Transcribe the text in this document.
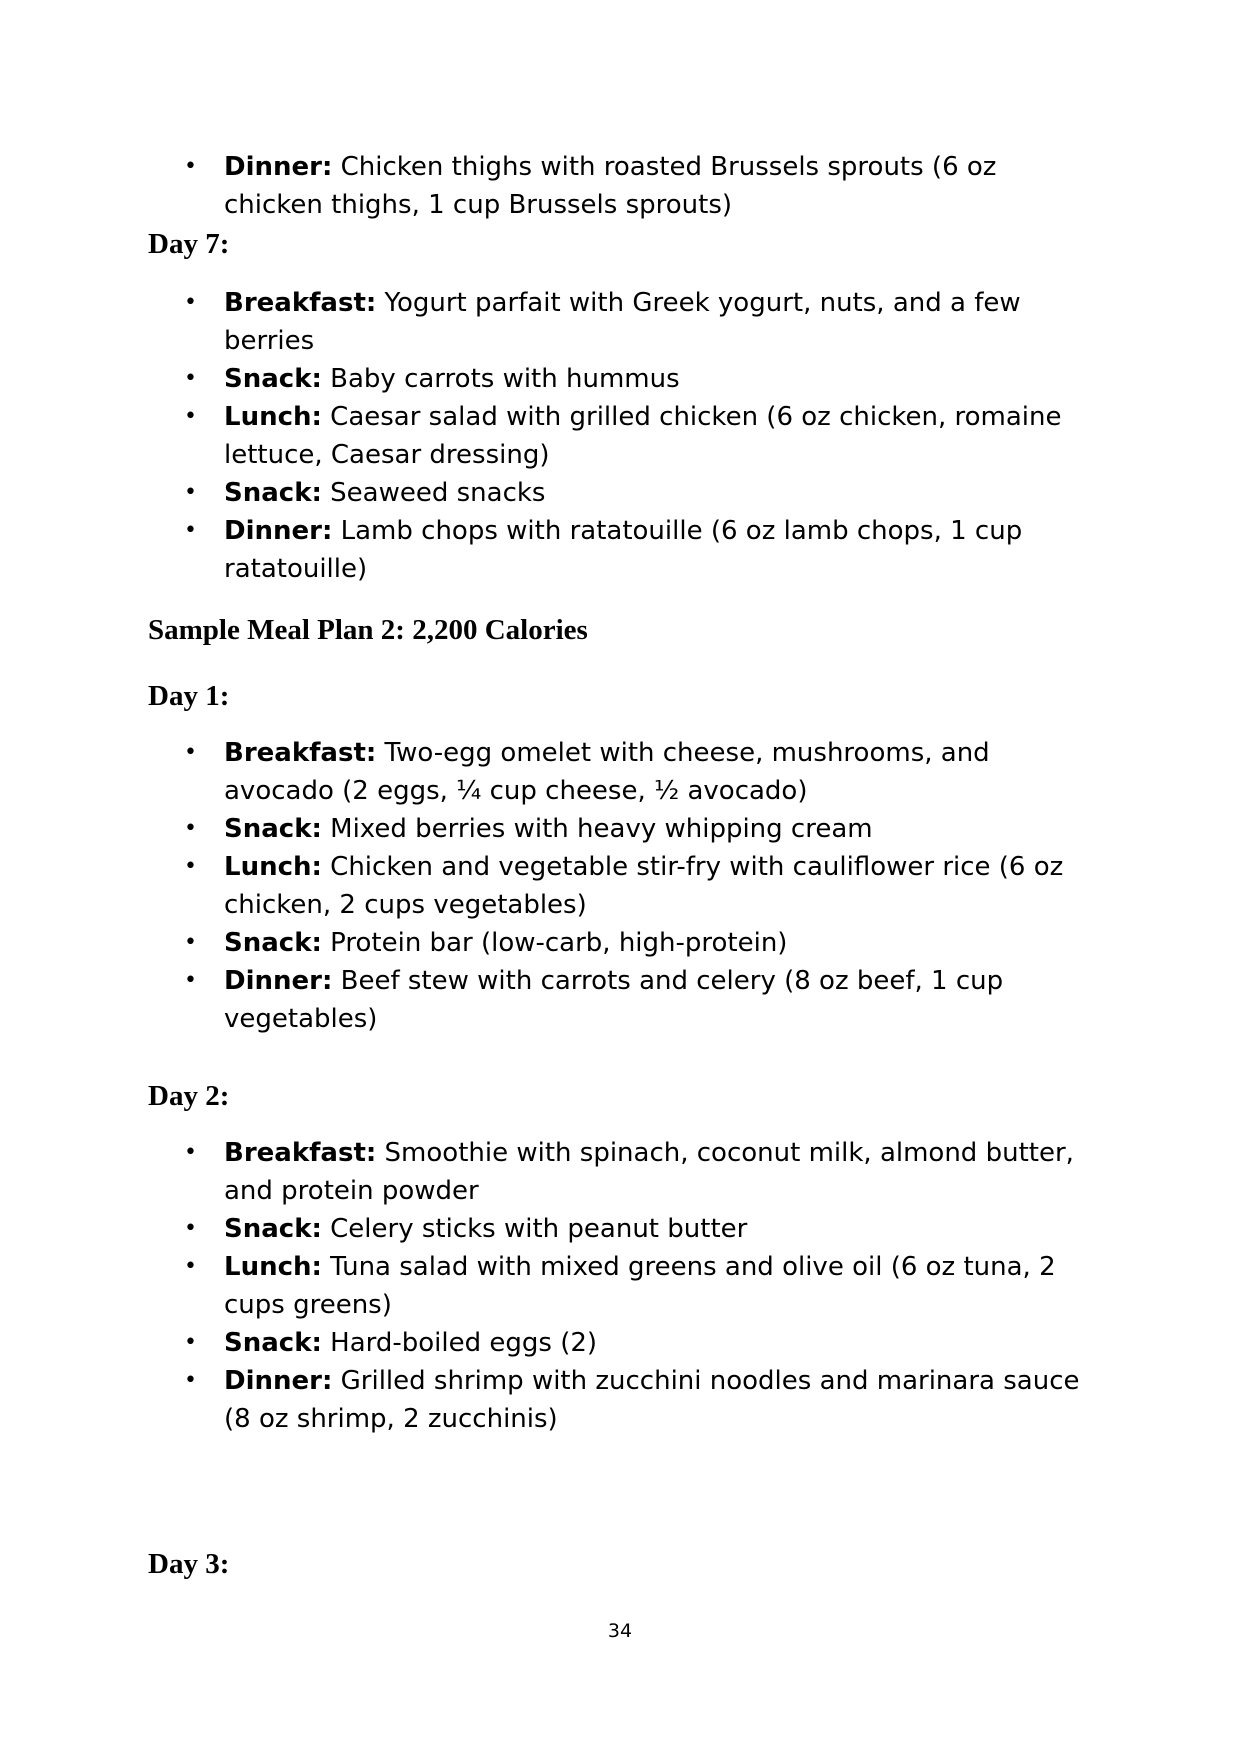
• Dinner: Chicken thighs with roasted Brussels sprouts (6 oz chicken thighs, 1 cup Brussels sprouts)
Day 7:
• Breakfast: Yogurt parfait with Greek yogurt, nuts, and a few berries
• Snack: Baby carrots with hummus
• Lunch: Caesar salad with grilled chicken (6 oz chicken, romaine lettuce, Caesar dressing)
• Snack: Seaweed snacks
• Dinner: Lamb chops with ratatouille (6 oz lamb chops, 1 cup ratatouille)
Sample Meal Plan 2: 2,200 Calories
Day 1:
• Breakfast: Two-egg omelet with cheese, mushrooms, and avocado (2 eggs, ¼ cup cheese, ½ avocado)
• Snack: Mixed berries with heavy whipping cream
• Lunch: Chicken and vegetable stir-fry with cauliflower rice (6 oz chicken, 2 cups vegetables)
• Snack: Protein bar (low-carb, high-protein)
• Dinner: Beef stew with carrots and celery (8 oz beef, 1 cup vegetables)
Day 2:
• Breakfast: Smoothie with spinach, coconut milk, almond butter, and protein powder
• Snack: Celery sticks with peanut butter
• Lunch: Tuna salad with mixed greens and olive oil (6 oz tuna, 2 cups greens)
• Snack: Hard-boiled eggs (2)
• Dinner: Grilled shrimp with zucchini noodles and marinara sauce (8 oz shrimp, 2 zucchinis)
Day 3:
34
